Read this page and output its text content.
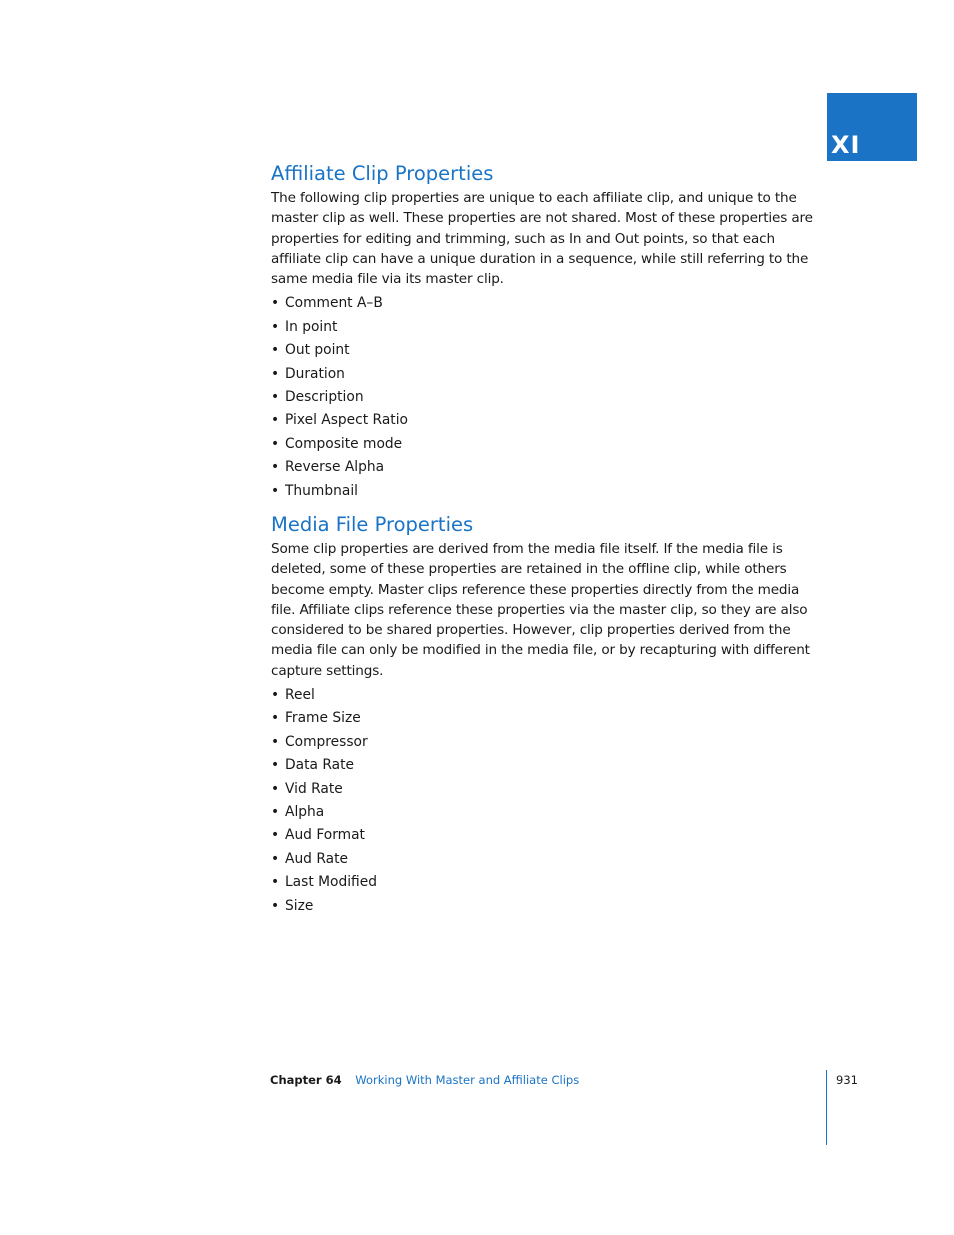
XI
Affiliate Clip Properties

The following clip properties are unique to each affiliate clip, and unique to the master clip as well. These properties are not shared. Most of these properties are properties for editing and trimming, such as In and Out points, so that each affiliate clip can have a unique duration in a sequence, while still referring to the same media file via its master clip.

• Comment A–B
• In point
• Out point
• Duration
• Description
• Pixel Aspect Ratio
• Composite mode
• Reverse Alpha
• Thumbnail
Media File Properties

Some clip properties are derived from the media file itself. If the media file is deleted, some of these properties are retained in the offline clip, while others become empty. Master clips reference these properties directly from the media file. Affiliate clips reference these properties via the master clip, so they are also considered to be shared properties. However, clip properties derived from the media file can only be modified in the media file, or by recapturing with different capture settings.

• Reel
• Frame Size
• Compressor
• Data Rate
• Vid Rate
• Alpha
• Aud Format
• Aud Rate
• Last Modified
• Size
Chapter 64 Working With Master and Affiliate Clips	931
